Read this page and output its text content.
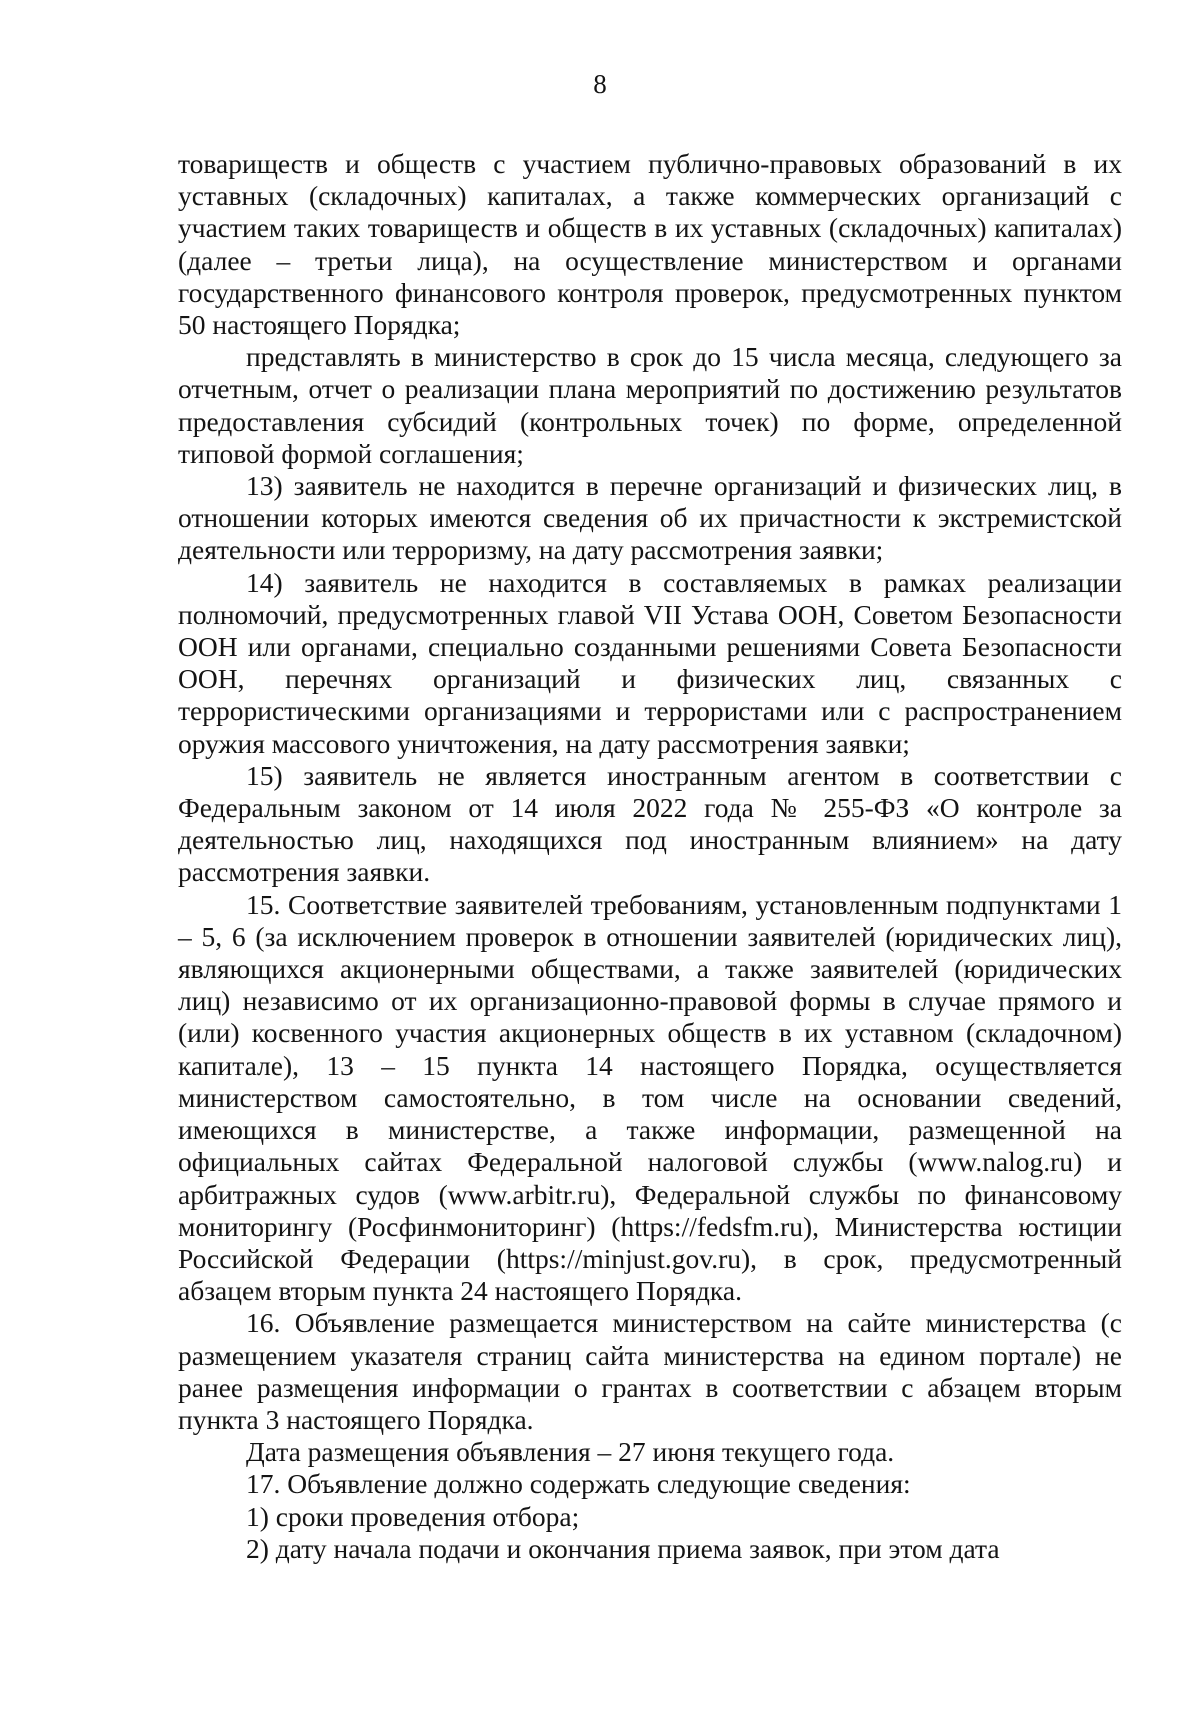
8

товариществ и обществ с участием публично-правовых образований в их уставных (складочных) капиталах, а также коммерческих организаций с участием таких товариществ и обществ в их уставных (складочных) капиталах) (далее – третьи лица), на осуществление министерством и органами государственного финансового контроля проверок, предусмотренных пунктом 50 настоящего Порядка;

представлять в министерство в срок до 15 числа месяца, следующего за отчетным, отчет о реализации плана мероприятий по достижению результатов предоставления субсидий (контрольных точек) по форме, определенной типовой формой соглашения;

13) заявитель не находится в перечне организаций и физических лиц, в отношении которых имеются сведения об их причастности к экстремистской деятельности или терроризму, на дату рассмотрения заявки;

14) заявитель не находится в составляемых в рамках реализации полномочий, предусмотренных главой VII Устава ООН, Советом Безопасности ООН или органами, специально созданными решениями Совета Безопасности ООН, перечнях организаций и физических лиц, связанных с террористическими организациями и террористами или с распространением оружия массового уничтожения, на дату рассмотрения заявки;

15) заявитель не является иностранным агентом в соответствии с Федеральным законом от 14 июля 2022 года № 255-ФЗ «О контроле за деятельностью лиц, находящихся под иностранным влиянием» на дату рассмотрения заявки.

15. Соответствие заявителей требованиям, установленным подпунктами 1 – 5, 6 (за исключением проверок в отношении заявителей (юридических лиц), являющихся акционерными обществами, а также заявителей (юридических лиц) независимо от их организационно-правовой формы в случае прямого и (или) косвенного участия акционерных обществ в их уставном (складочном) капитале), 13 – 15 пункта 14 настоящего Порядка, осуществляется министерством самостоятельно, в том числе на основании сведений, имеющихся в министерстве, а также информации, размещенной на официальных сайтах Федеральной налоговой службы (www.nalog.ru) и арбитражных судов (www.arbitr.ru), Федеральной службы по финансовому мониторингу (Росфинмониторинг) (https://fedsfm.ru), Министерства юстиции Российской Федерации (https://minjust.gov.ru), в срок, предусмотренный абзацем вторым пункта 24 настоящего Порядка.

16. Объявление размещается министерством на сайте министерства (с размещением указателя страниц сайта министерства на едином портале) не ранее размещения информации о грантах в соответствии с абзацем вторым пункта 3 настоящего Порядка.

Дата размещения объявления – 27 июня текущего года.

17. Объявление должно содержать следующие сведения:

1) сроки проведения отбора;

2) дату начала подачи и окончания приема заявок, при этом дата
